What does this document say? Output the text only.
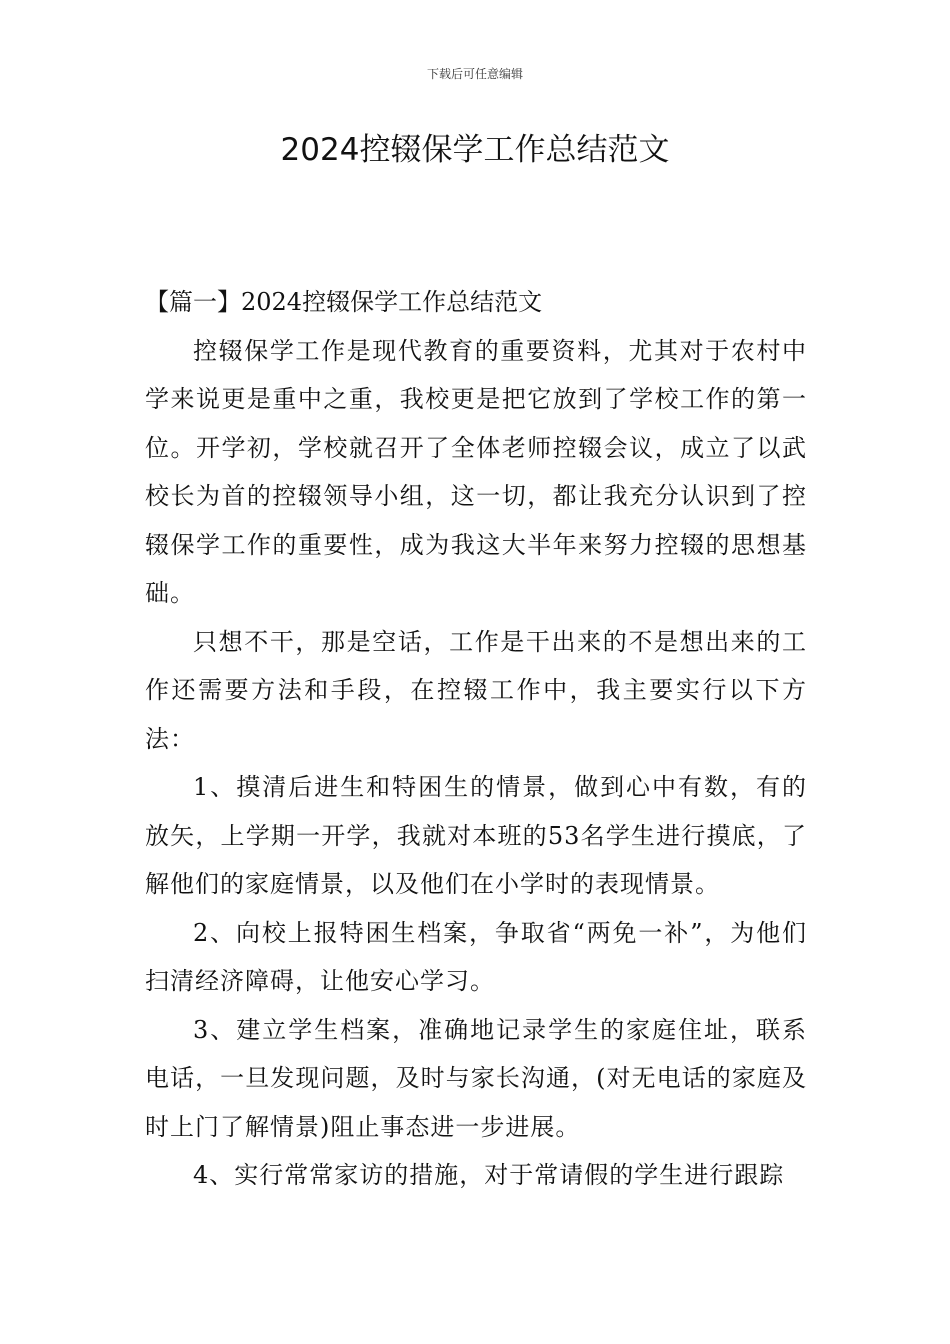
下载后可任意编辑
2024控辍保学工作总结范文
【篇一】2024控辍保学工作总结范文

控辍保学工作是现代教育的重要资料，尤其对于农村中学来说更是重中之重，我校更是把它放到了学校工作的第一位。开学初，学校就召开了全体老师控辍会议，成立了以武校长为首的控辍领导小组，这一切，都让我充分认识到了控辍保学工作的重要性，成为我这大半年来努力控辍的思想基础。

只想不干，那是空话，工作是干出来的不是想出来的工作还需要方法和手段，在控辍工作中，我主要实行以下方法：

1、摸清后进生和特困生的情景，做到心中有数，有的放矢，上学期一开学，我就对本班的53名学生进行摸底，了解他们的家庭情景，以及他们在小学时的表现情景。

2、向校上报特困生档案，争取省“两免一补”，为他们扫清经济障碍，让他安心学习。

3、建立学生档案，准确地记录学生的家庭住址，联系电话，一旦发现问题，及时与家长沟通，(对无电话的家庭及时上门了解情景)阻止事态进一步进展。

4、实行常常家访的措施，对于常请假的学生进行跟踪
